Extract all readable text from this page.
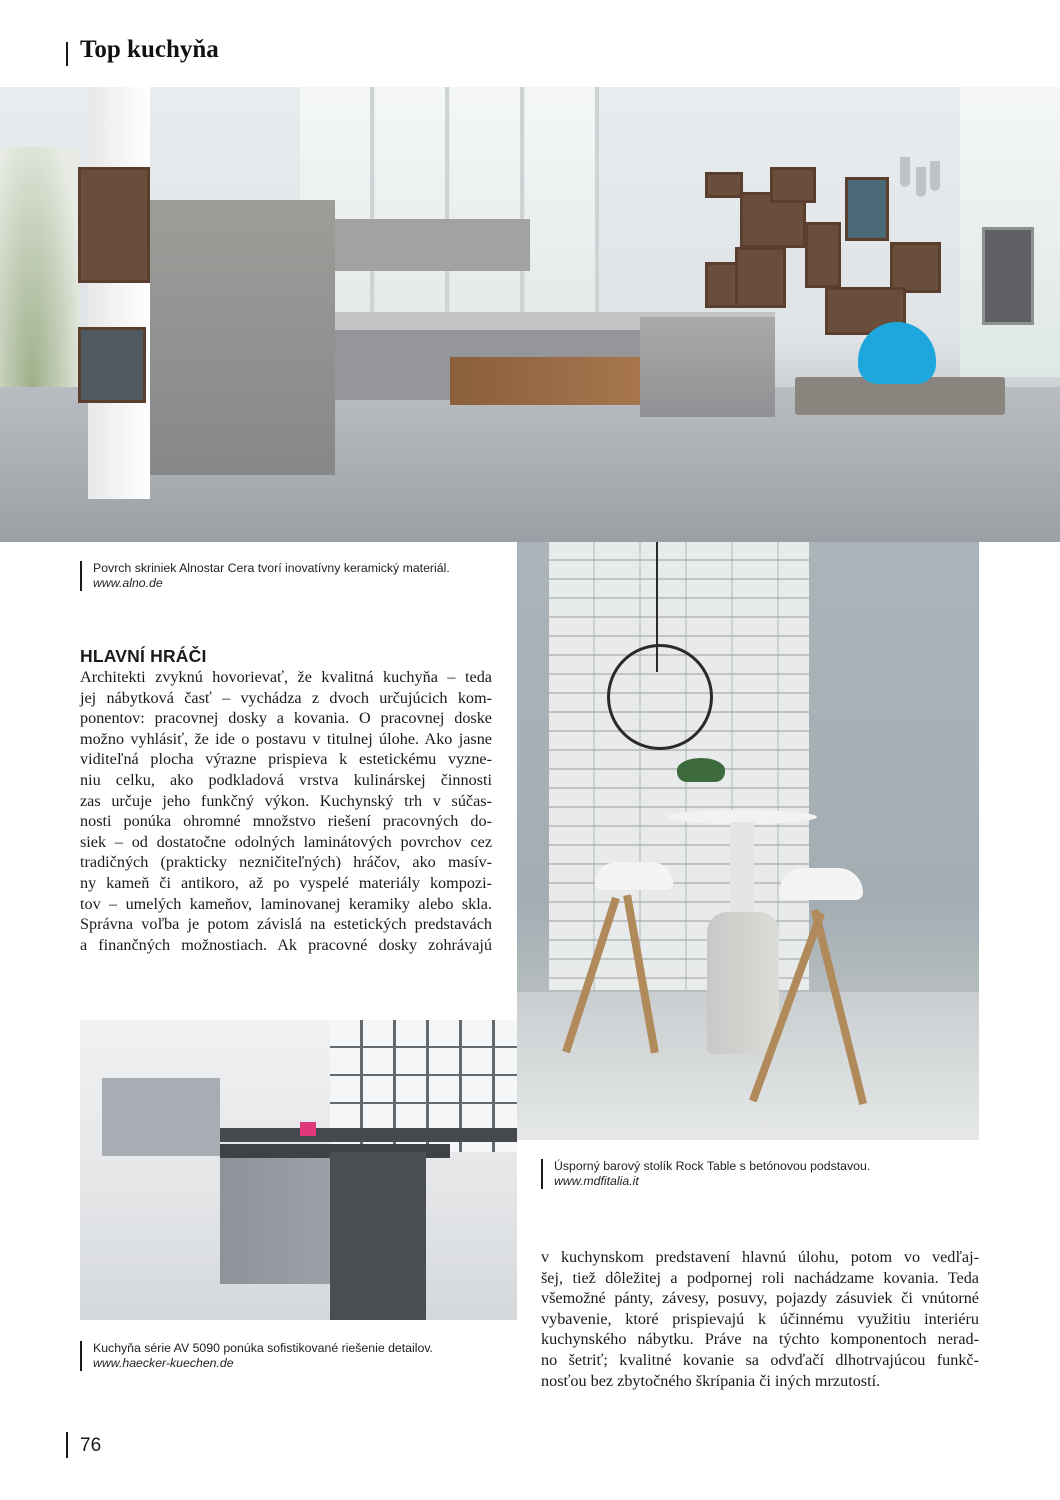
Top kuchyňa
Povrch skriniek Alnostar Cera tvorí inovatívny keramický materiál.
www.alno.de
HLAVNÍ HRÁČI
Architekti zvyknú hovorievať, že kvalitná kuchyňa – teda
jej nábytková časť – vychádza z dvoch určujúcich kom-
ponentov: pracovnej dosky a kovania. O pracovnej doske
možno vyhlásiť, že ide o postavu v titulnej úlohe. Ako jasne
viditeľná plocha výrazne prispieva k estetickému vyzne-
niu celku, ako podkladová vrstva kulinárskej činnosti
zas určuje jeho funkčný výkon. Kuchynský trh v súčas-
nosti ponúka ohromné množstvo riešení pracovných do-
siek – od dostatočne odolných laminátových povrchov cez
tradičných (prakticky nezničiteľných) hráčov, ako masív-
ny kameň či antikoro, až po vyspelé materiály kompozi-
tov – umelých kameňov, laminovanej keramiky alebo skla.
Správna voľba je potom závislá na estetických predstavách
a finančných možnostiach. Ak pracovné dosky zohrávajú
Úsporný barový stolík Rock Table s betónovou podstavou.
www.mdfitalia.it
v kuchynskom predstavení hlavnú úlohu, potom vo vedľaj-
šej, tiež dôležitej a podpornej roli nachádzame kovania. Teda
všemožné pánty, závesy, posuvy, pojazdy zásuviek či vnútorné
vybavenie, ktoré prispievajú k účinnému využitiu interiéru
kuchynského nábytku. Práve na týchto komponentoch nerad-
no šetriť; kvalitné kovanie sa odvďačí dlhotrvajúcou funkč-
nosťou bez zbytočného škrípania či iných mrzutostí.
Kuchyňa série AV 5090 ponúka sofistikované riešenie detailov.
www.haecker-kuechen.de
76
